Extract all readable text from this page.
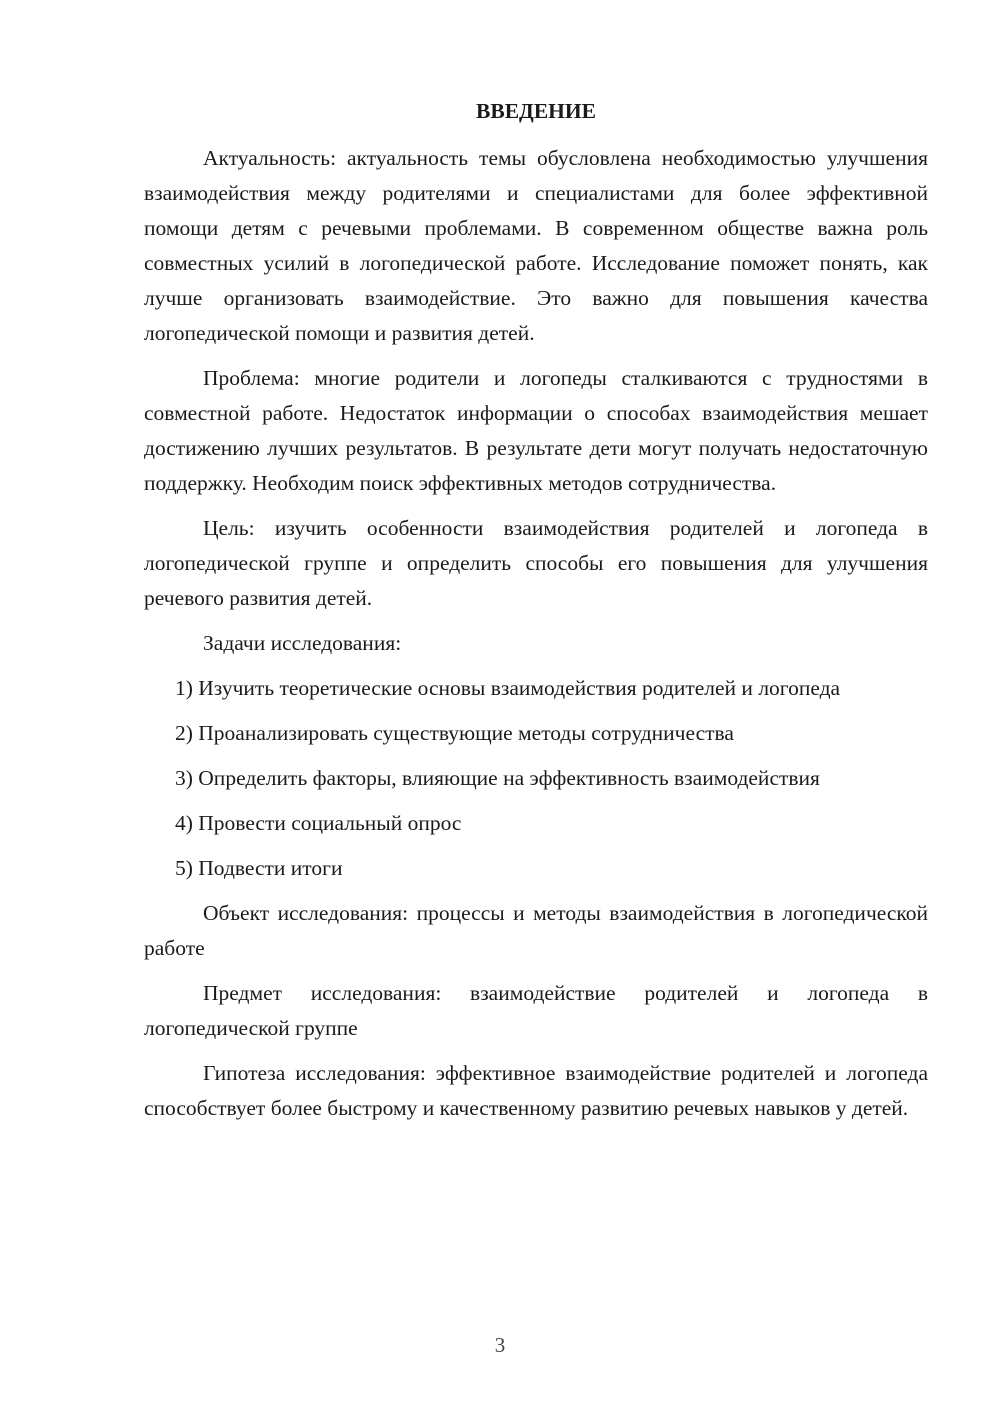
ВВЕДЕНИЕ

Актуальность: актуальность темы обусловлена необходимостью улучшения взаимодействия между родителями и специалистами для более эффективной помощи детям с речевыми проблемами. В современном обществе важна роль совместных усилий в логопедической работе. Исследование поможет понять, как лучше организовать взаимодействие. Это важно для повышения качества логопедической помощи и развития детей.

Проблема: многие родители и логопеды сталкиваются с трудностями в совместной работе. Недостаток информации о способах взаимодействия мешает достижению лучших результатов. В результате дети могут получать недостаточную поддержку. Необходим поиск эффективных методов сотрудничества.

Цель: изучить особенности взаимодействия родителей и логопеда в логопедической группе и определить способы его повышения для улучшения речевого развития детей.

Задачи исследования:

1) Изучить теоретические основы взаимодействия родителей и логопеда

2) Проанализировать существующие методы сотрудничества

3) Определить факторы, влияющие на эффективность взаимодействия

4) Провести социальный опрос

5) Подвести итоги

Объект исследования: процессы и методы взаимодействия в логопедической работе

Предмет исследования: взаимодействие родителей и логопеда в логопедической группе

Гипотеза исследования: эффективное взаимодействие родителей и логопеда способствует более быстрому и качественному развитию речевых навыков у детей.

3
